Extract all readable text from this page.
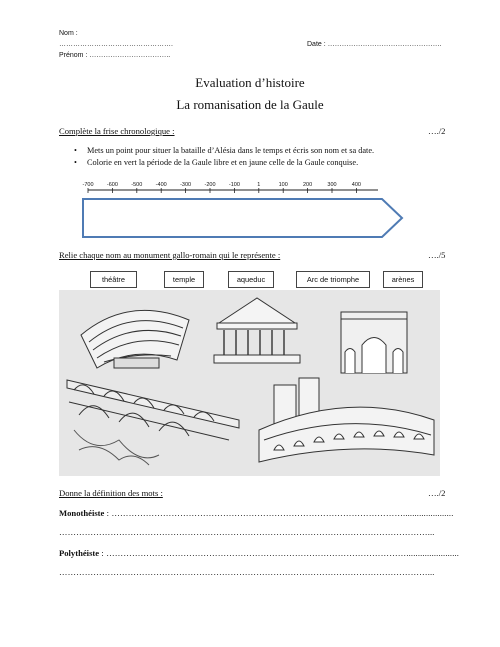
Nom :
………………………………………….
Prénom : ……………………………..
Date : ………………………………………….
Evaluation d’histoire
La romanisation de la Gaule
Complète la frise chronologique :	…./2
• Mets un point pour situer la bataille d’Alésia dans le temps et écris son nom et sa date.
• Colorie en vert la période de la Gaule libre et en jaune celle de la Gaule conquise.
-700 -600 -500 -400 -300 -200 -100	1	100	200	300	400
Relie chaque nom au monument gallo-romain qui le représente :	…./5
théâtre	temple	aqueduc	Arc de triomphe	arènes
Donne la définition des mots :	…./2
Monothéiste : …………………………………………………………………………………………......................
…………………………………………………………………………………………………………………...
Polythéiste : …………………………………………………………………………………………….......................
…………………………………………………………………………………………………………………...
